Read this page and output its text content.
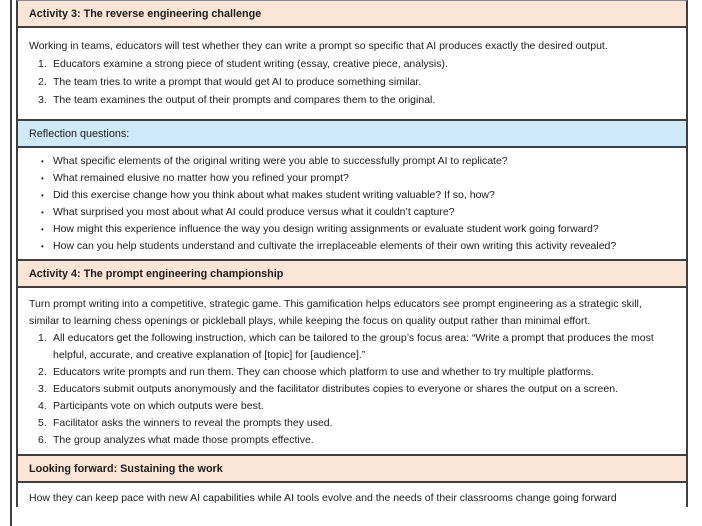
Activity 3: The reverse engineering challenge

Working in teams, educators will test whether they can write a prompt so specific that AI produces exactly the desired output.

Educators examine a strong piece of student writing (essay, creative piece, analysis).
The team tries to write a prompt that would get AI to produce something similar.
The team examines the output of their prompts and compares them to the original.
Reflection questions:
• What specific elements of the original writing were you able to successfully prompt AI to replicate?
• What remained elusive no matter how you refined your prompt?
• Did this exercise change how you think about what makes student writing valuable? If so, how?
• What surprised you most about what AI could produce versus what it couldn’t capture?
• How might this experience influence the way you design writing assignments or evaluate student work going forward?
• How can you help students understand and cultivate the irreplaceable elements of their own writing this activity revealed?
Activity 4: The prompt engineering championship

Turn prompt writing into a competitive, strategic game. This gamification helps educators see prompt engineering as a strategic skill, similar to learning chess openings or pickleball plays, while keeping the focus on quality output rather than minimal effort.

All educators get the following instruction, which can be tailored to the group’s focus area: “Write a prompt that produces the most helpful, accurate, and creative explanation of [topic] for [audience].”
Educators write prompts and run them. They can choose which platform to use and whether to try multiple platforms.
Educators submit outputs anonymously and the facilitator distributes copies to everyone or shares the output on a screen.
Participants vote on which outputs were best.
Facilitator asks the winners to reveal the prompts they used.
The group analyzes what made those prompts effective.
Looking forward: Sustaining the work

How they can keep pace with new AI capabilities while AI tools evolve and the needs of their classrooms change going forward
